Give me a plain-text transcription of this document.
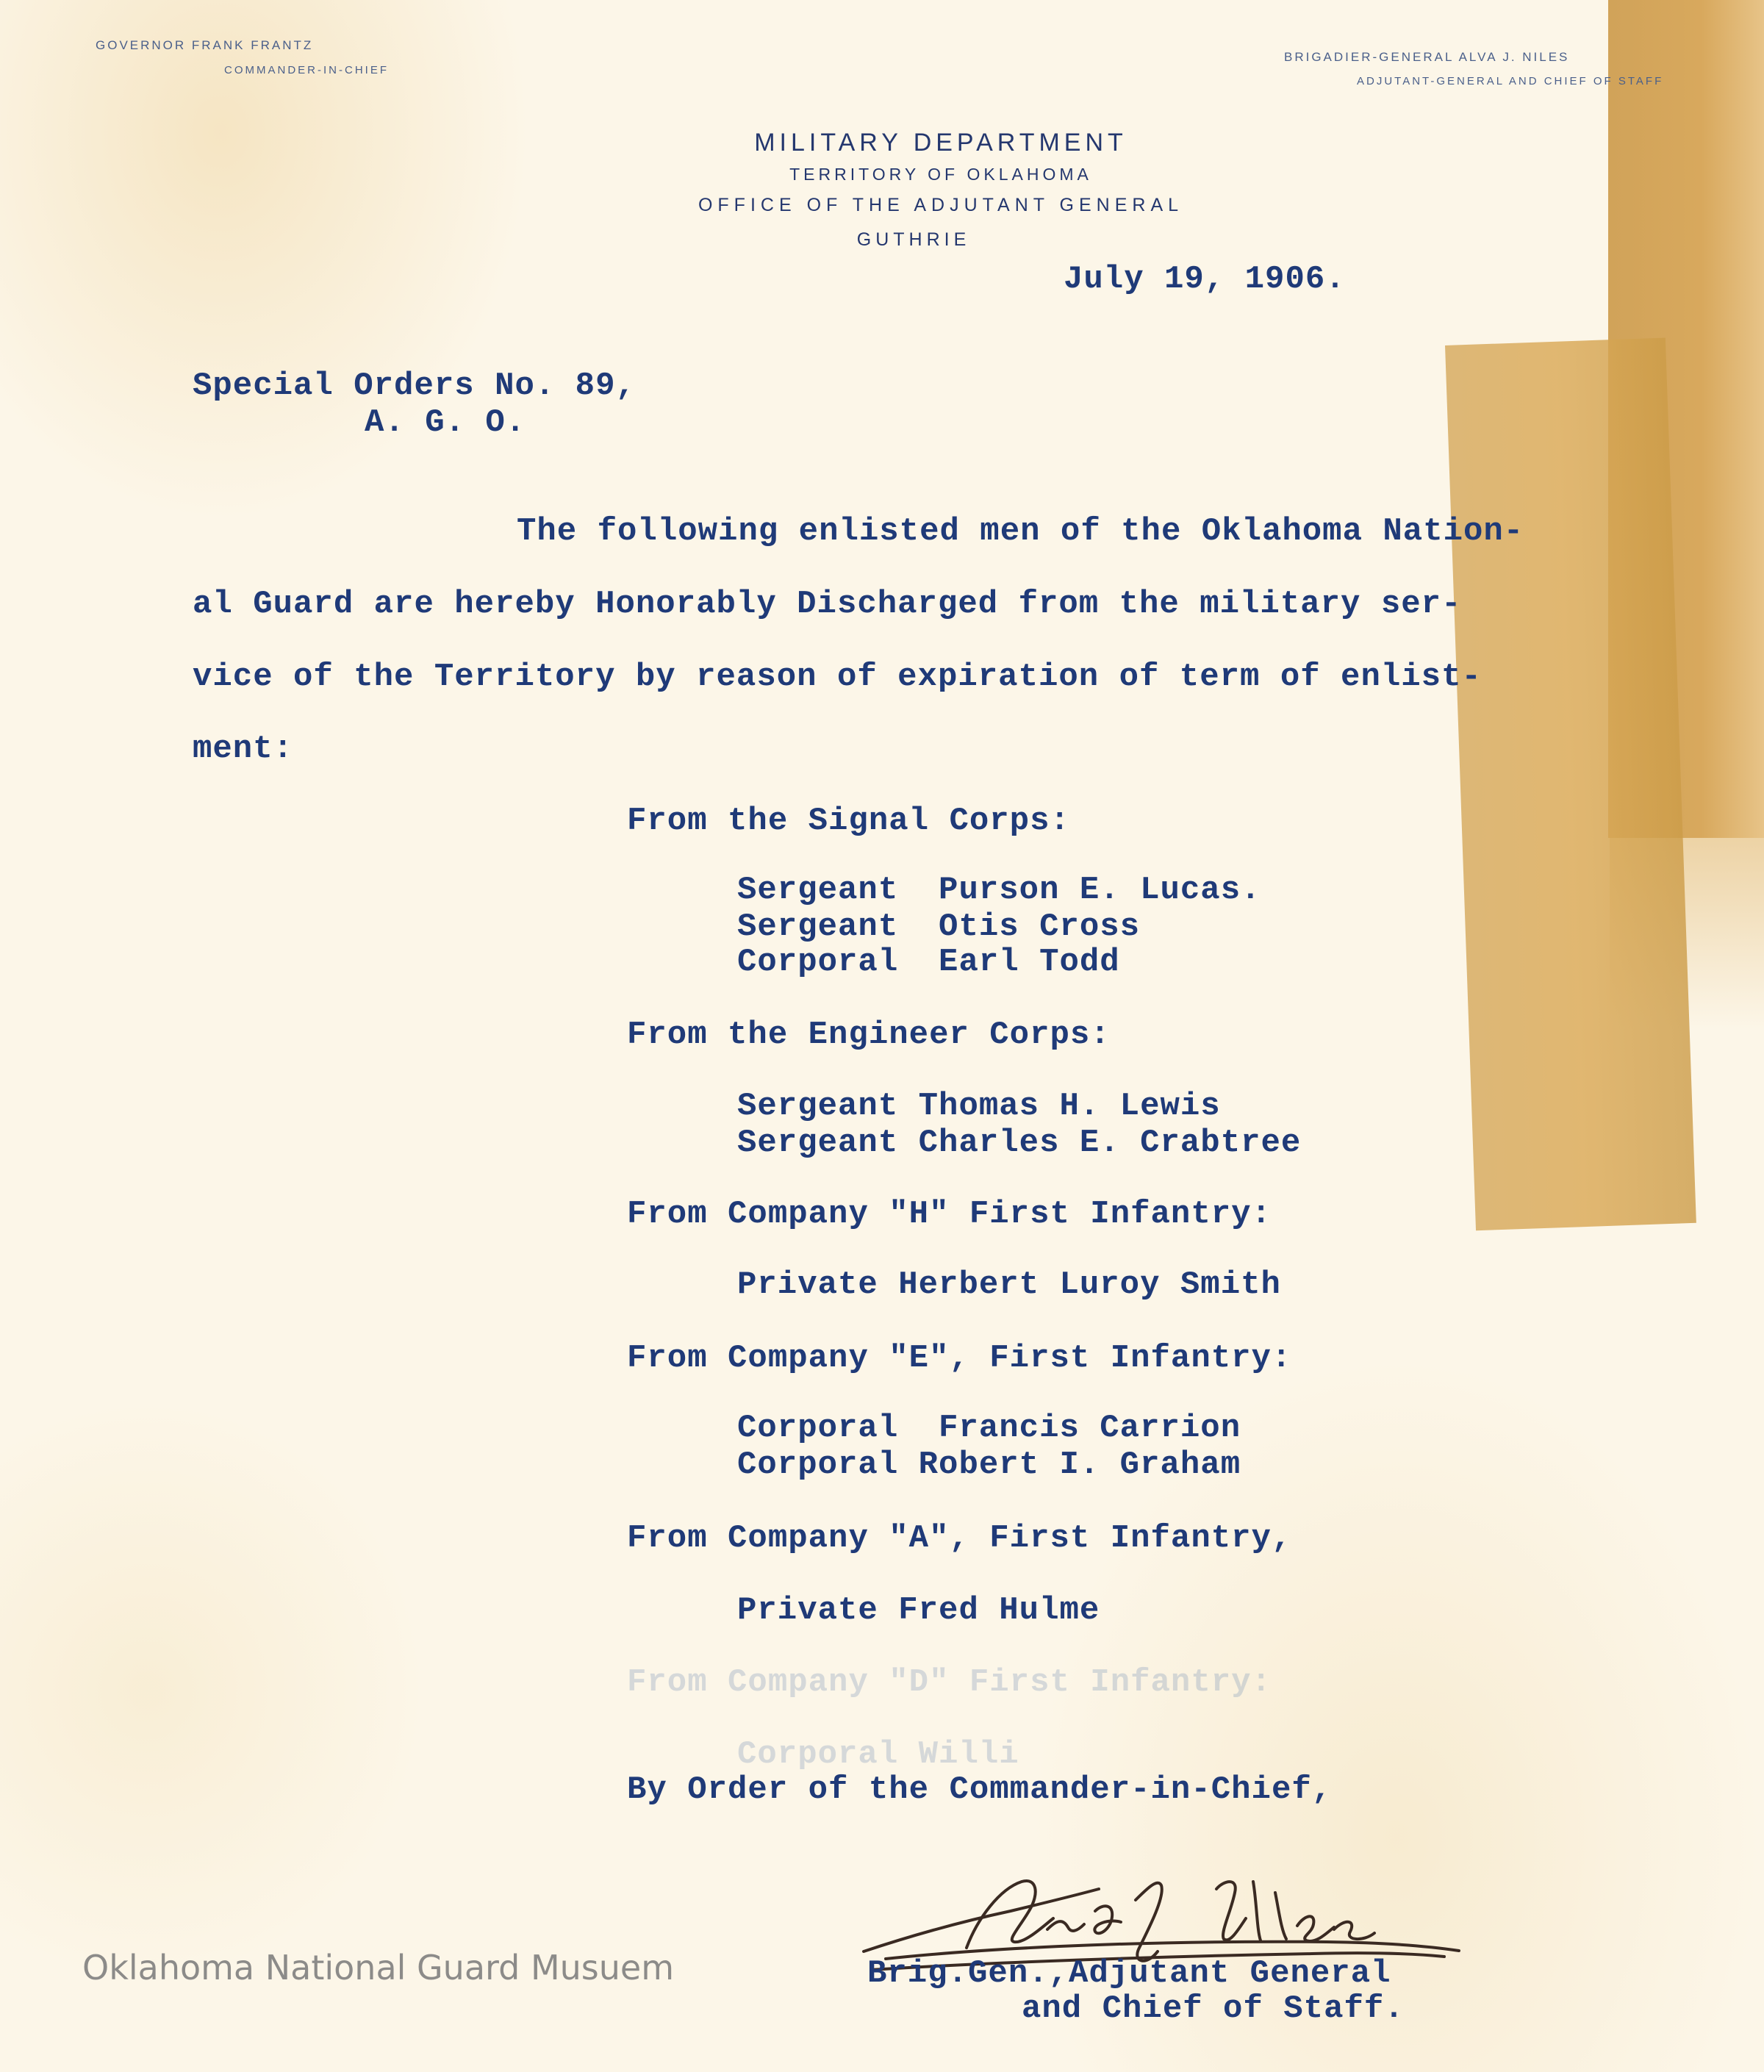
GOVERNOR FRANK FRANTZ
COMMANDER-IN-CHIEF
BRIGADIER-GENERAL ALVA J. NILES
ADJUTANT-GENERAL AND CHIEF OF STAFF
MILITARY DEPARTMENT
TERRITORY OF OKLAHOMA
OFFICE OF THE ADJUTANT GENERAL
GUTHRIE
July 19, 1906.
Special Orders No. 89,
A. G. O.
The following enlisted men of the Oklahoma Nation-
al Guard are hereby Honorably Discharged from the military ser-
vice of the Territory by reason of expiration of term of enlist-
ment:
From the Signal Corps:
Sergeant  Purson E. Lucas.
Sergeant  Otis Cross
Corporal  Earl Todd
From the Engineer Corps:
Sergeant Thomas H. Lewis
Sergeant Charles E. Crabtree
From Company "H" First Infantry:
Private Herbert Luroy Smith
From Company "E", First Infantry:
Corporal  Francis Carrion
Corporal Robert I. Graham
From Company "A", First Infantry,
Private Fred Hulme
From Company "D" First Infantry:
Corporal Willi
By Order of the Commander-in-Chief,
Brig.Gen.,Adjutant General
and Chief of Staff.
Oklahoma National Guard Musuem
